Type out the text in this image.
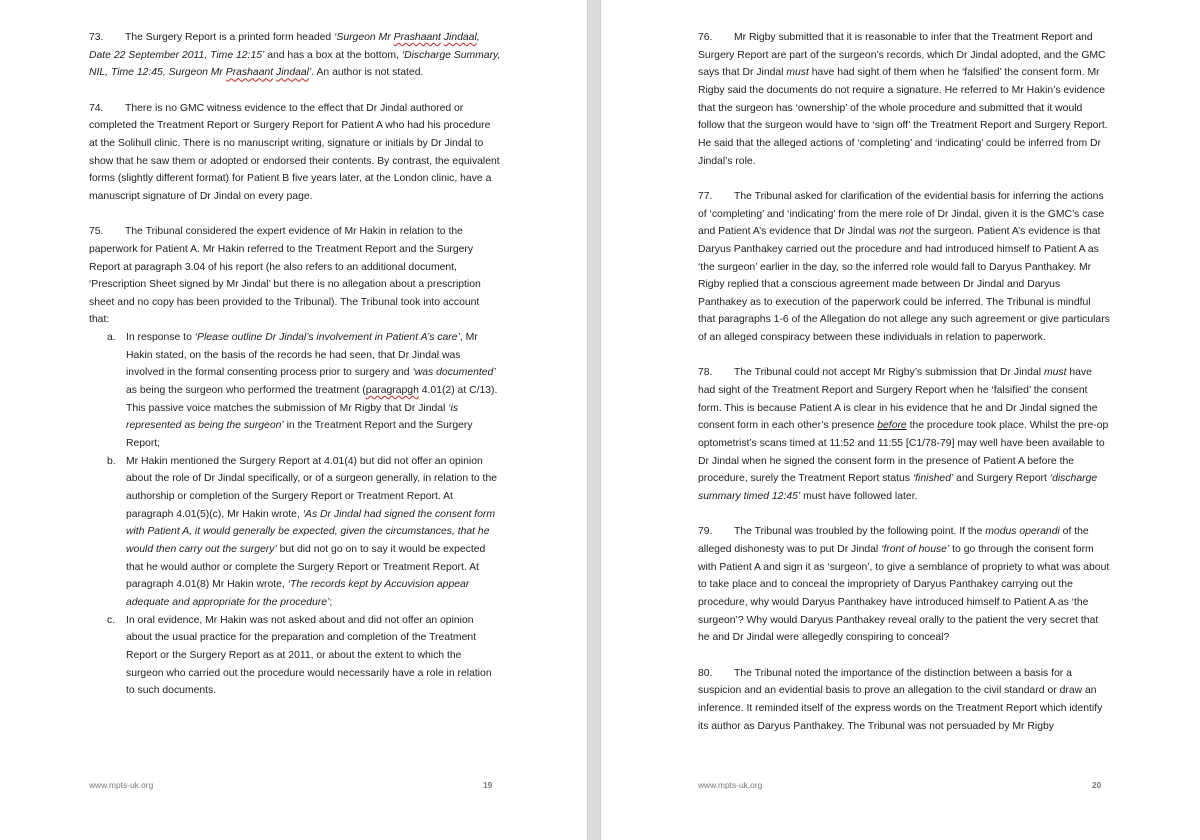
73. The Surgery Report is a printed form headed ‘Surgeon Mr Prashaant Jindaal, Date 22 September 2011, Time 12:15’ and has a box at the bottom, ‘Discharge Summary, NIL, Time 12:45, Surgeon Mr Prashaant Jindaal’. An author is not stated.

74. There is no GMC witness evidence to the effect that Dr Jindal authored or completed the Treatment Report or Surgery Report for Patient A who had his procedure at the Solihull clinic. There is no manuscript writing, signature or initials by Dr Jindal to show that he saw them or adopted or endorsed their contents. By contrast, the equivalent forms (slightly different format) for Patient B five years later, at the London clinic, have a manuscript signature of Dr Jindal on every page.

75. The Tribunal considered the expert evidence of Mr Hakin in relation to the paperwork for Patient A. Mr Hakin referred to the Treatment Report and the Surgery Report at paragraph 3.04 of his report (he also refers to an additional document, ‘Prescription Sheet signed by Mr Jindal’ but there is no allegation about a prescription sheet and no copy has been provided to the Tribunal). The Tribunal took into account that:

a. In response to ‘Please outline Dr Jindal’s involvement in Patient A’s care’, Mr Hakin stated, on the basis of the records he had seen, that Dr Jindal was involved in the formal consenting process prior to surgery and ‘was documented’ as being the surgeon who performed the treatment (paragrapgh 4.01(2) at C/13). This passive voice matches the submission of Mr Rigby that Dr Jindal ‘is represented as being the surgeon’ in the Treatment Report and the Surgery Report;
b. Mr Hakin mentioned the Surgery Report at 4.01(4) but did not offer an opinion about the role of Dr Jindal specifically, or of a surgeon generally, in relation to the authorship or completion of the Surgery Report or Treatment Report. At paragraph 4.01(5)(c), Mr Hakin wrote, ‘As Dr Jindal had signed the consent form with Patient A, it would generally be expected, given the circumstances, that he would then carry out the surgery’ but did not go on to say it would be expected that he would author or complete the Surgery Report or Treatment Report. At paragraph 4.01(8) Mr Hakin wrote, ‘The records kept by Accuvision appear adequate and appropriate for the procedure’;
c. In oral evidence, Mr Hakin was not asked about and did not offer an opinion about the usual practice for the preparation and completion of the Treatment Report or the Surgery Report as at 2011, or about the extent to which the surgeon who carried out the procedure would necessarily have a role in relation to such documents.
www.mpts-uk.org	19

76. Mr Rigby submitted that it is reasonable to infer that the Treatment Report and Surgery Report are part of the surgeon’s records, which Dr Jindal adopted, and the GMC says that Dr Jindal must have had sight of them when he ‘falsified’ the consent form. Mr Rigby said the documents do not require a signature. He referred to Mr Hakin’s evidence that the surgeon has ‘ownership’ of the whole procedure and submitted that it would follow that the surgeon would have to ‘sign off’ the Treatment Report and Surgery Report. He said that the alleged actions of ‘completing’ and ‘indicating’ could be inferred from Dr Jindal’s role.

77. The Tribunal asked for clarification of the evidential basis for inferring the actions of ‘completing’ and ‘indicating’ from the mere role of Dr Jindal, given it is the GMC’s case and Patient A’s evidence that Dr Jindal was not the surgeon. Patient A’s evidence is that Daryus Panthakey carried out the procedure and had introduced himself to Patient A as ‘the surgeon’ earlier in the day, so the inferred role would fall to Daryus Panthakey. Mr Rigby replied that a conscious agreement made between Dr Jindal and Daryus Panthakey as to execution of the paperwork could be inferred. The Tribunal is mindful that paragraphs 1-6 of the Allegation do not allege any such agreement or give particulars of an alleged conspiracy between these individuals in relation to paperwork.

78. The Tribunal could not accept Mr Rigby’s submission that Dr Jindal must have had sight of the Treatment Report and Surgery Report when he ‘falsified’ the consent form. This is because Patient A is clear in his evidence that he and Dr Jindal signed the consent form in each other’s presence before the procedure took place. Whilst the pre-op optometrist’s scans timed at 11:52 and 11:55 [C1/78-79] may well have been available to Dr Jindal when he signed the consent form in the presence of Patient A before the procedure, surely the Treatment Report status ‘finished’ and Surgery Report ‘discharge summary timed 12:45’ must have followed later.

79. The Tribunal was troubled by the following point. If the modus operandi of the alleged dishonesty was to put Dr Jindal ‘front of house’ to go through the consent form with Patient A and sign it as ‘surgeon’, to give a semblance of propriety to what was about to take place and to conceal the impropriety of Daryus Panthakey carrying out the procedure, why would Daryus Panthakey have introduced himself to Patient A as ‘the surgeon’? Why would Daryus Panthakey reveal orally to the patient the very secret that he and Dr Jindal were allegedly conspiring to conceal?

80. The Tribunal noted the importance of the distinction between a basis for a suspicion and an evidential basis to prove an allegation to the civil standard or draw an inference. It reminded itself of the express words on the Treatment Report which identify its author as Daryus Panthakey. The Tribunal was not persuaded by Mr Rigby

www.mpts-uk.org	20
